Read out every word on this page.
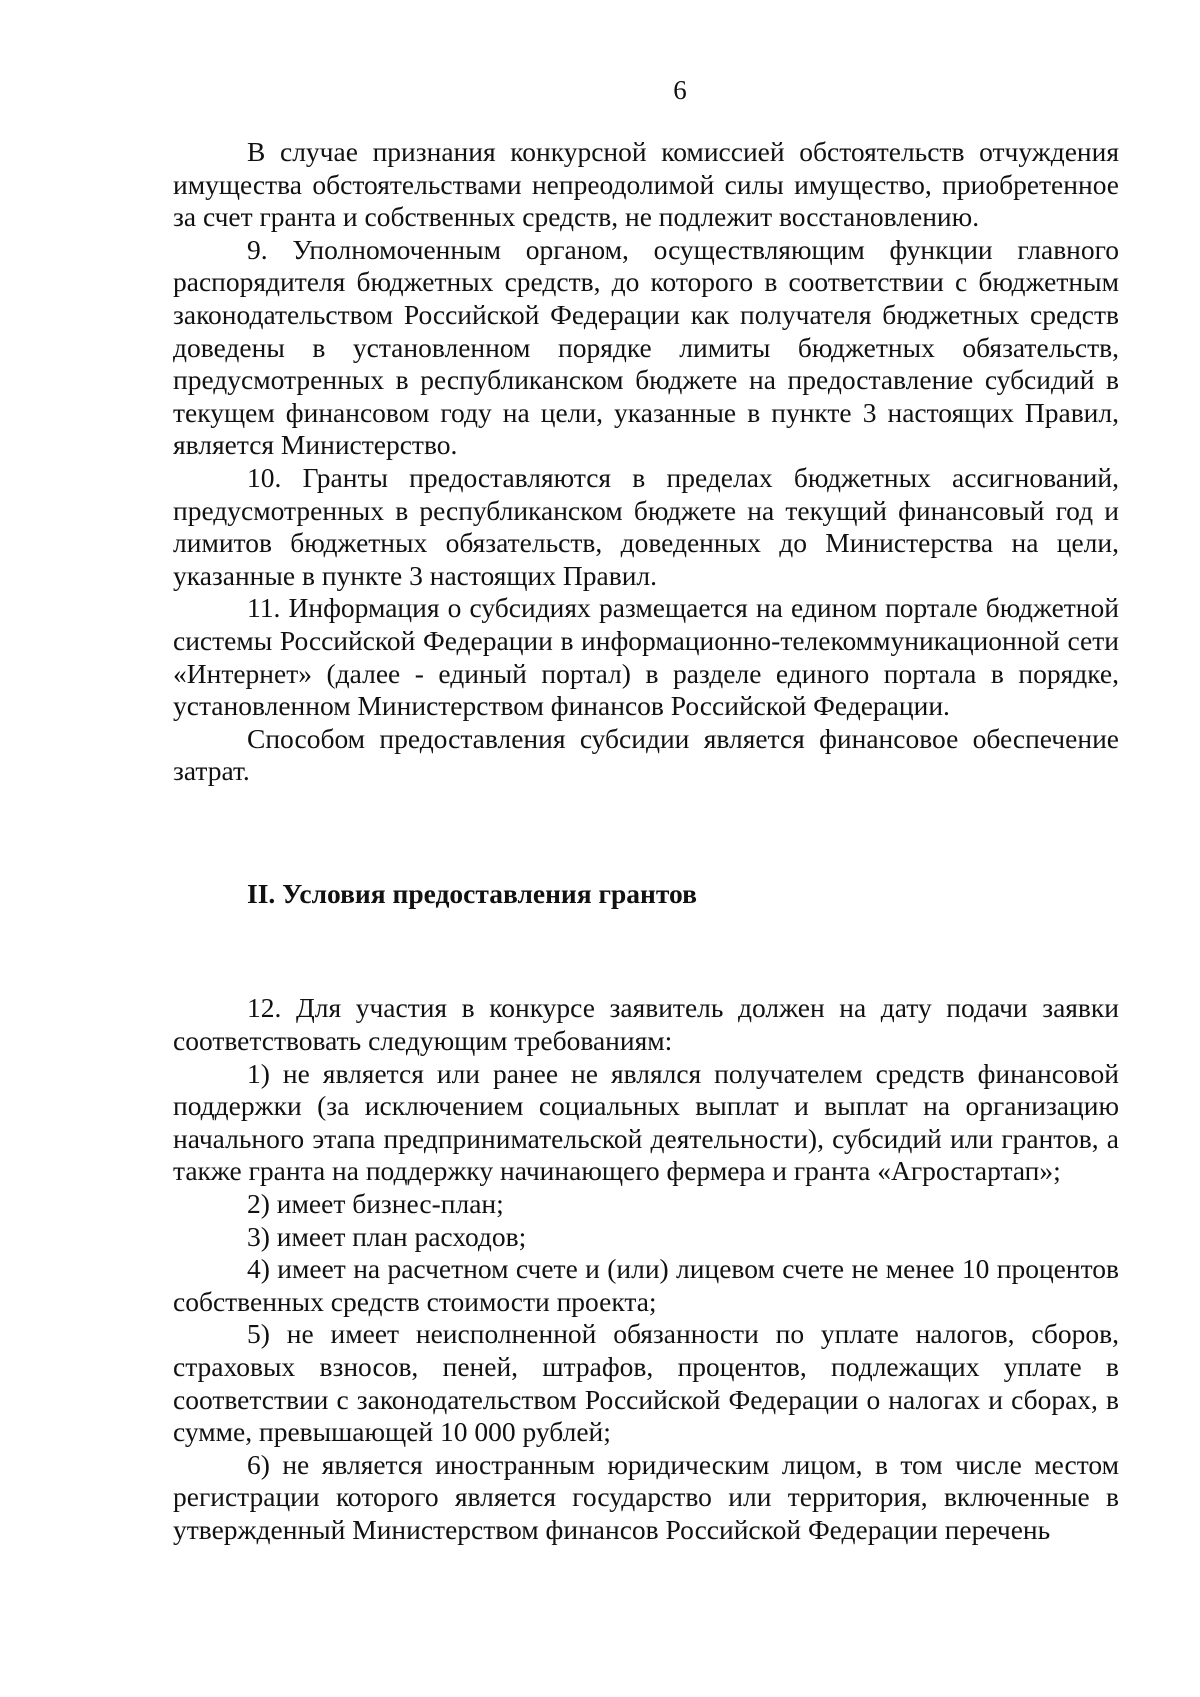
6

В случае признания конкурсной комиссией обстоятельств отчуждения имущества обстоятельствами непреодолимой силы имущество, приобретенное за счет гранта и собственных средств, не подлежит восстановлению.

9. Уполномоченным органом, осуществляющим функции главного распорядителя бюджетных средств, до которого в соответствии с бюджетным законодательством Российской Федерации как получателя бюджетных средств доведены в установленном порядке лимиты бюджетных обязательств, предусмотренных в республиканском бюджете на предоставление субсидий в текущем финансовом году на цели, указанные в пункте 3 настоящих Правил, является Министерство.

10. Гранты предоставляются в пределах бюджетных ассигнований, предусмотренных в республиканском бюджете на текущий финансовый год и лимитов бюджетных обязательств, доведенных до Министерства на цели, указанные в пункте 3 настоящих Правил.

11. Информация о субсидиях размещается на едином портале бюджетной системы Российской Федерации в информационно-телекоммуникационной сети «Интернет» (далее - единый портал) в разделе единого портала в порядке, установленном Министерством финансов Российской Федерации.

Способом предоставления субсидии является финансовое обеспечение затрат.

II. Условия предоставления грантов

12. Для участия в конкурсе заявитель должен на дату подачи заявки соответствовать следующим требованиям:

1) не является или ранее не являлся получателем средств финансовой поддержки (за исключением социальных выплат и выплат на организацию начального этапа предпринимательской деятельности), субсидий или грантов, а также гранта на поддержку начинающего фермера и гранта «Агростартап»;

2) имеет бизнес-план;

3) имеет план расходов;

4) имеет на расчетном счете и (или) лицевом счете не менее 10 процентов собственных средств стоимости проекта;

5) не имеет неисполненной обязанности по уплате налогов, сборов, страховых взносов, пеней, штрафов, процентов, подлежащих уплате в соответствии с законодательством Российской Федерации о налогах и сборах, в сумме, превышающей 10 000 рублей;

6) не является иностранным юридическим лицом, в том числе местом регистрации которого является государство или территория, включенные в утвержденный Министерством финансов Российской Федерации перечень
